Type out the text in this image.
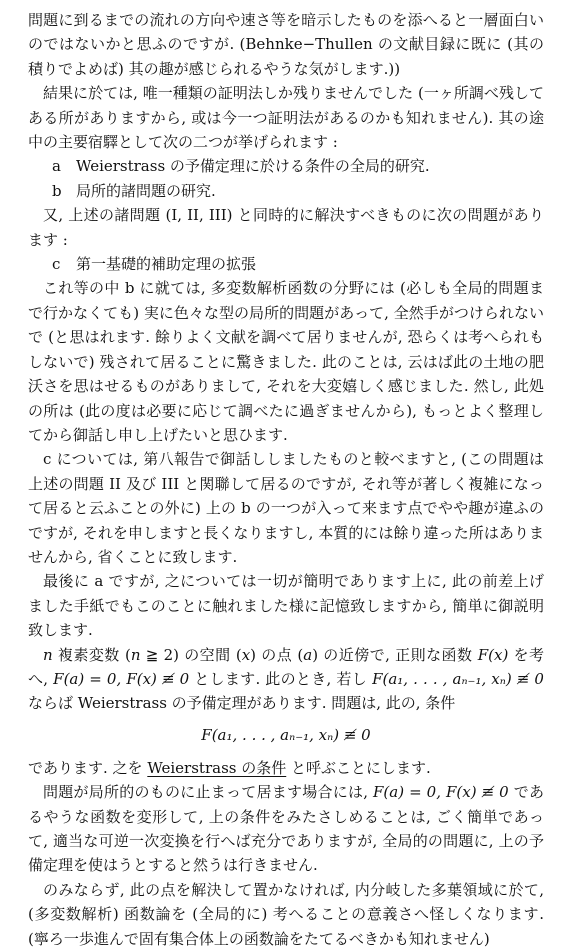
問題に到るまでの流れの方向や速さ等を暗示したものを添へると一層面白いのではないかと思ふのですが. (Behnke−Thullen の文献目録に既に (其の積りでよめば) 其の趣が感じられるやうな気がします.))

結果に於ては, 唯一種類の証明法しか残りませんでした (一ヶ所調べ残してある所がありますから, 或は今一つ証明法があるのかも知れません). 其の途中の主要宿驛として次の二つが挙げられます :

a Weierstrass の予備定理に於ける条件の全局的研究.

b 局所的諸問題の研究.

又, 上述の諸問題 (I, II, III) と同時的に解決すべきものに次の問題があります :

c 第一基礎的補助定理の拡張

これ等の中 b に就ては, 多変数解析函数の分野には (必しも全局的問題まで行かなくても) 実に色々な型の局所的問題があって, 全然手がつけられないで (と思はれます. 餘りよく文献を調べて居りませんが, 恐らくは考へられもしないで) 残されて居ることに驚きました. 此のことは, 云はば此の土地の肥沃さを思はせるものがありまして, それを大変嬉しく感じました. 然し, 此処の所は (此の度は必要に応じて調べたに過ぎませんから), もっとよく整理してから御話し申し上げたいと思ひます.

c については, 第八報告で御話ししましたものと較べますと, (この問題は上述の問題 II 及び III と関聯して居るのですが, それ等が著しく複雑になって居ると云ふことの外に) 上の b の一つが入って来ます点でやや趣が違ふのですが, それを申しますと長くなりますし, 本質的には餘り違った所はありませんから, 省くことに致します.

最後に a ですが, 之については一切が簡明であります上に, 此の前差上げました手紙でもこのことに触れました様に記憶致しますから, 簡単に御説明致します.

n 複素変数 (n ≧ 2) の空間 (x) の点 (a) の近傍で, 正則な函数 F(x) を考へ, F(a) = 0, F(x) ≢ 0 とします. 此のとき, 若し F(a₁, . . . , aₙ₋₁, xₙ) ≢ 0 ならば Weierstrass の予備定理があります. 問題は, 此の, 条件

F(a₁, . . . , aₙ₋₁, xₙ) ≢ 0

であります. 之を Weierstrass の条件 と呼ぶことにします.

問題が局所的のものに止まって居ます場合には, F(a) = 0, F(x) ≢ 0 であるやうな函数を変形して, 上の条件をみたさしめることは, ごく簡単であって, 適当な可逆一次変換を行へば充分でありますが, 全局的の問題に, 上の予備定理を使はうとすると然うは行きません.

のみならず, 此の点を解決して置かなければ, 内分岐した多葉領域に於て, (多変数解析) 函数論を (全局的に) 考へることの意義さへ怪しくなります. (寧ろ一歩進んで固有集合体上の函数論をたてるべきかも知れません)
